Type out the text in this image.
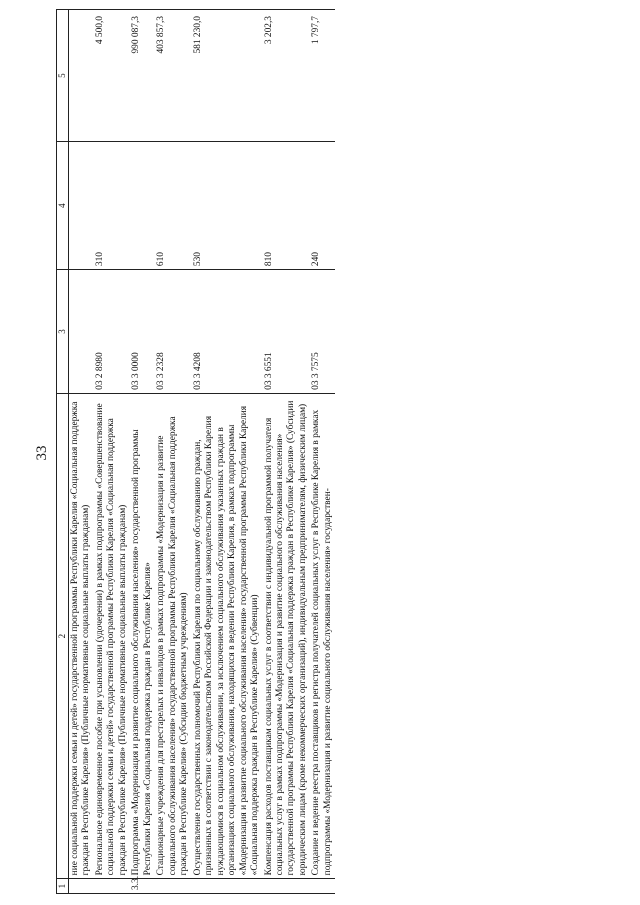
33
1	2	3	4	5
	ние социальной поддержки семьи и детей» государственной программы Республики Карелия «Социальная поддержка граждан в Республике Карелия» (Публичные нормативные социальные выплаты гражданам)			
	Региональное единовременное пособие при усыновлении (удочерении) в рамках подпрограммы «Совершенствование социальной поддержки семьи и детей» государственной программы Республики Карелия «Социальная поддержка граждан в Республике Карелия» (Публичные нормативные социальные выплаты гражданам)	03 2 8980	310	4 500,0
3.3.	Подпрограмма «Модернизация и развитие социального обслуживания населения» государственной программы Республики Карелия «Социальная поддержка граждан в Республике Карелия»	03 3 0000		990 087,3
	Стационарные учреждения для престарелых и инвалидов в рамках подпрограммы «Модернизация и развитие социального обслуживания населения» государственной программы Республики Карелия «Социальная поддержка граждан в Республике Карелия» (Субсидии бюджетным учреждениям)	03 3 2328	610	403 857,3
	Осуществление государственных полномочий Республики Карелия по социальному обслуживанию граждан, признанных в соответствии с законодательством Российской Федерации и законодательством Республики Карелия нуждающимися в социальном обслуживании, за исключением социального обслуживания указанных граждан в организациях социального обслуживания, находящихся в ведении Республики Карелия, в рамках подпрограммы «Модернизация и развитие социального обслуживания населения» государственной программы Республики Карелия «Социальная поддержка граждан в Республике Карелия» (Субвенции)	03 3 4208	530	581 230,0
	Компенсация расходов поставщикам социальных услуг в соответствии с индивидуальной программой получателя социальных услуг в рамках подпрограммы «Модернизация и развитие социального обслуживания населения» государственной программы Республики Карелия «Социальная поддержка граждан в Республике Карелия» (Субсидии юридическим лицам (кроме некоммерческих организаций), индивидуальным предпринимателям, физическим лицам)	03 3 6551	810	3 202,3
	Создание и ведение реестра поставщиков и регистра получателей социальных услуг в Республике Карелия в рамках подпрограммы «Модернизация и развитие социального обслуживания населения» государствен-	03 3 7575	240	1 797,7
